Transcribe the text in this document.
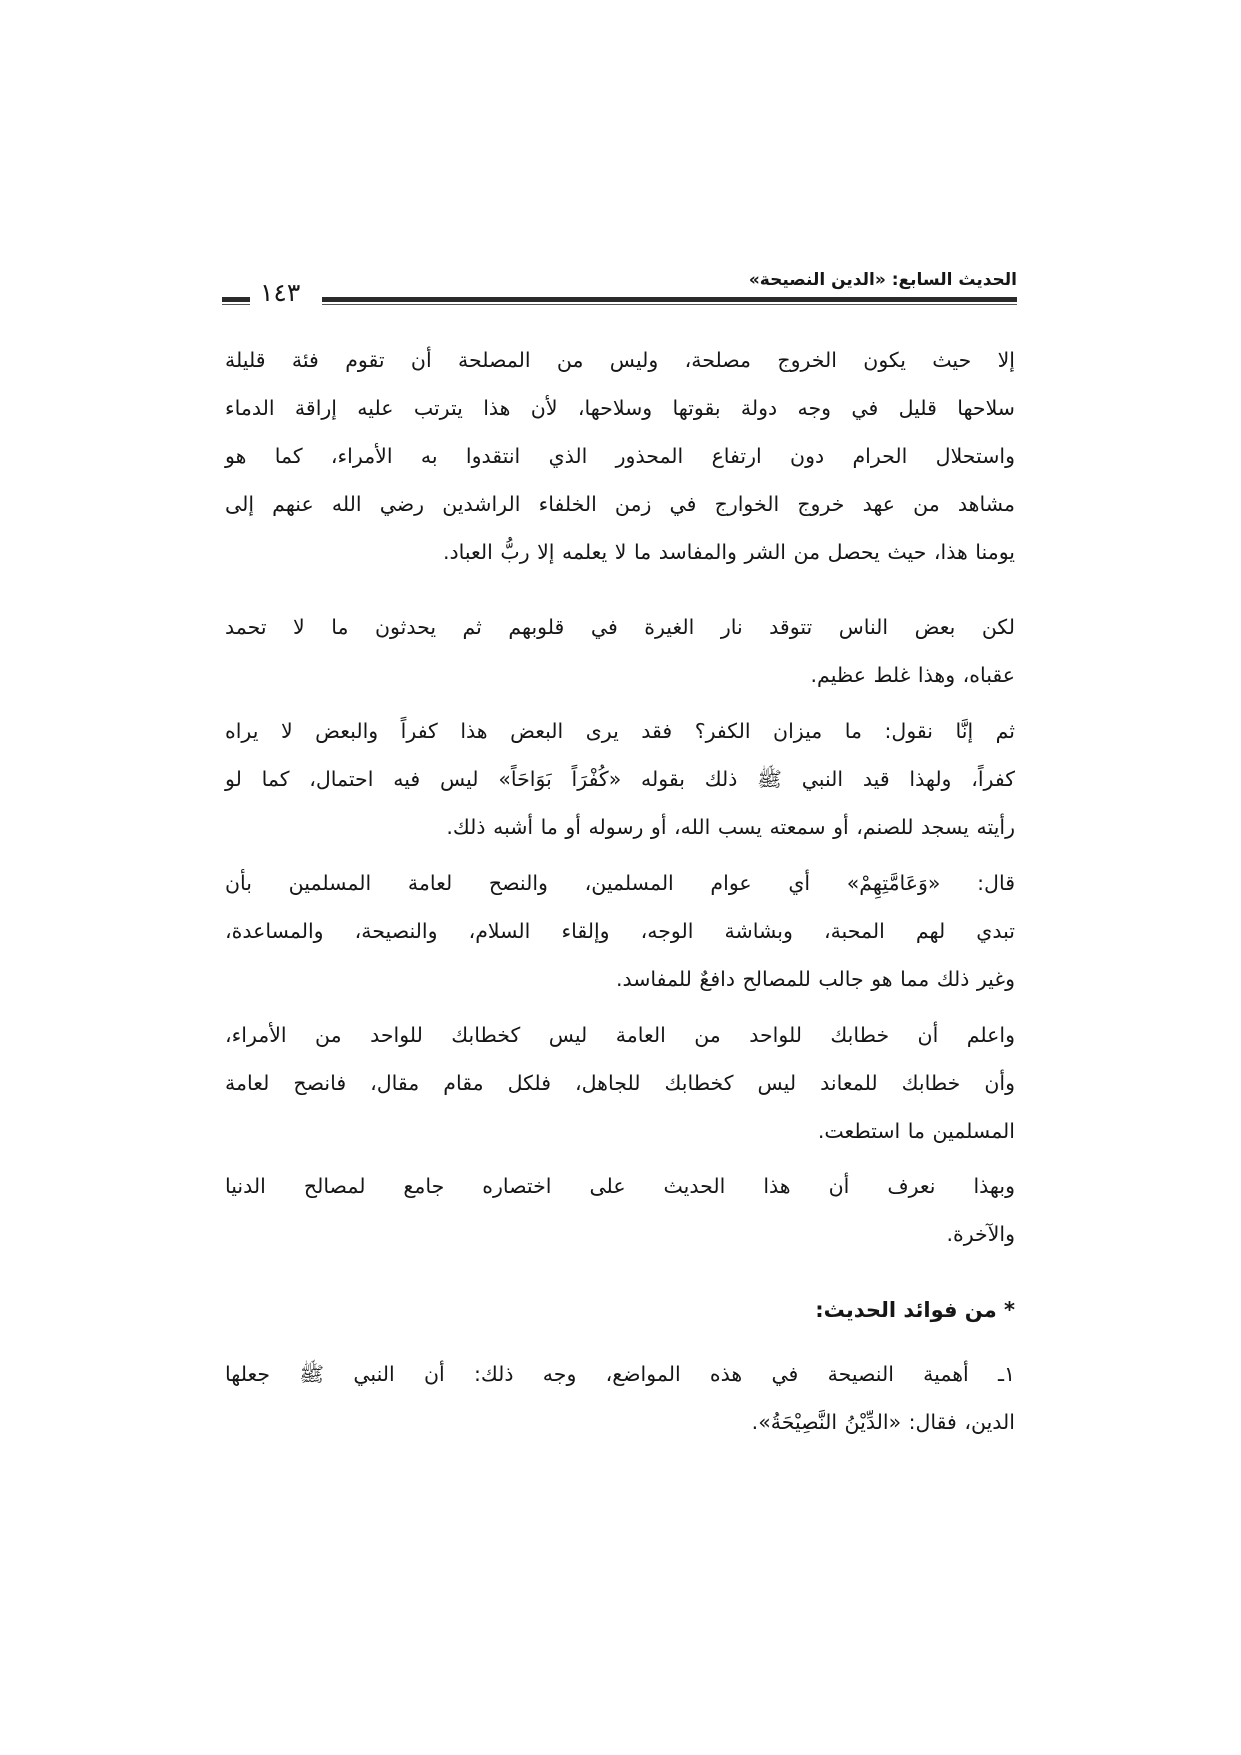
الحديث السابع: «الدين النصيحة»
١٤٣
إلا حيث يكون الخروج مصلحة، وليس من المصلحة أن تقوم فئة قليلة
سلاحها قليل في وجه دولة بقوتها وسلاحها، لأن هذا يترتب عليه إراقة الدماء
واستحلال الحرام دون ارتفاع المحذور الذي انتقدوا به الأمراء، كما هو
مشاهد من عهد خروج الخوارج في زمن الخلفاء الراشدين رضي الله عنهم إلى
يومنا هذا، حيث يحصل من الشر والمفاسد ما لا يعلمه إلا ربُّ العباد.
لكن بعض الناس تتوقد نار الغيرة في قلوبهم ثم يحدثون ما لا تحمد
عقباه، وهذا غلط عظيم.
ثم إنَّا نقول: ما ميزان الكفر؟ فقد يرى البعض هذا كفراً والبعض لا يراه
كفراً، ولهذا قيد النبي ﷺ ذلك بقوله «كُفْرَاً بَوَاحَاً» ليس فيه احتمال، كما لو
رأيته يسجد للصنم، أو سمعته يسب الله، أو رسوله أو ما أشبه ذلك.
قال: «وَعَامَّتِهِمْ» أي عوام المسلمين، والنصح لعامة المسلمين بأن
تبدي لهم المحبة، وبشاشة الوجه، وإلقاء السلام، والنصيحة، والمساعدة،
وغير ذلك مما هو جالب للمصالح دافعٌ للمفاسد.
واعلم أن خطابك للواحد من العامة ليس كخطابك للواحد من الأمراء،
وأن خطابك للمعاند ليس كخطابك للجاهل، فلكل مقام مقال، فانصح لعامة
المسلمين ما استطعت.
وبهذا نعرف أن هذا الحديث على اختصاره جامع لمصالح الدنيا
والآخرة.
* من فوائد الحديث:
١ـ أهمية النصيحة في هذه المواضع، وجه ذلك: أن النبي ﷺ جعلها
الدين، فقال: «الدِّيْنُ النَّصِيْحَةُ».
